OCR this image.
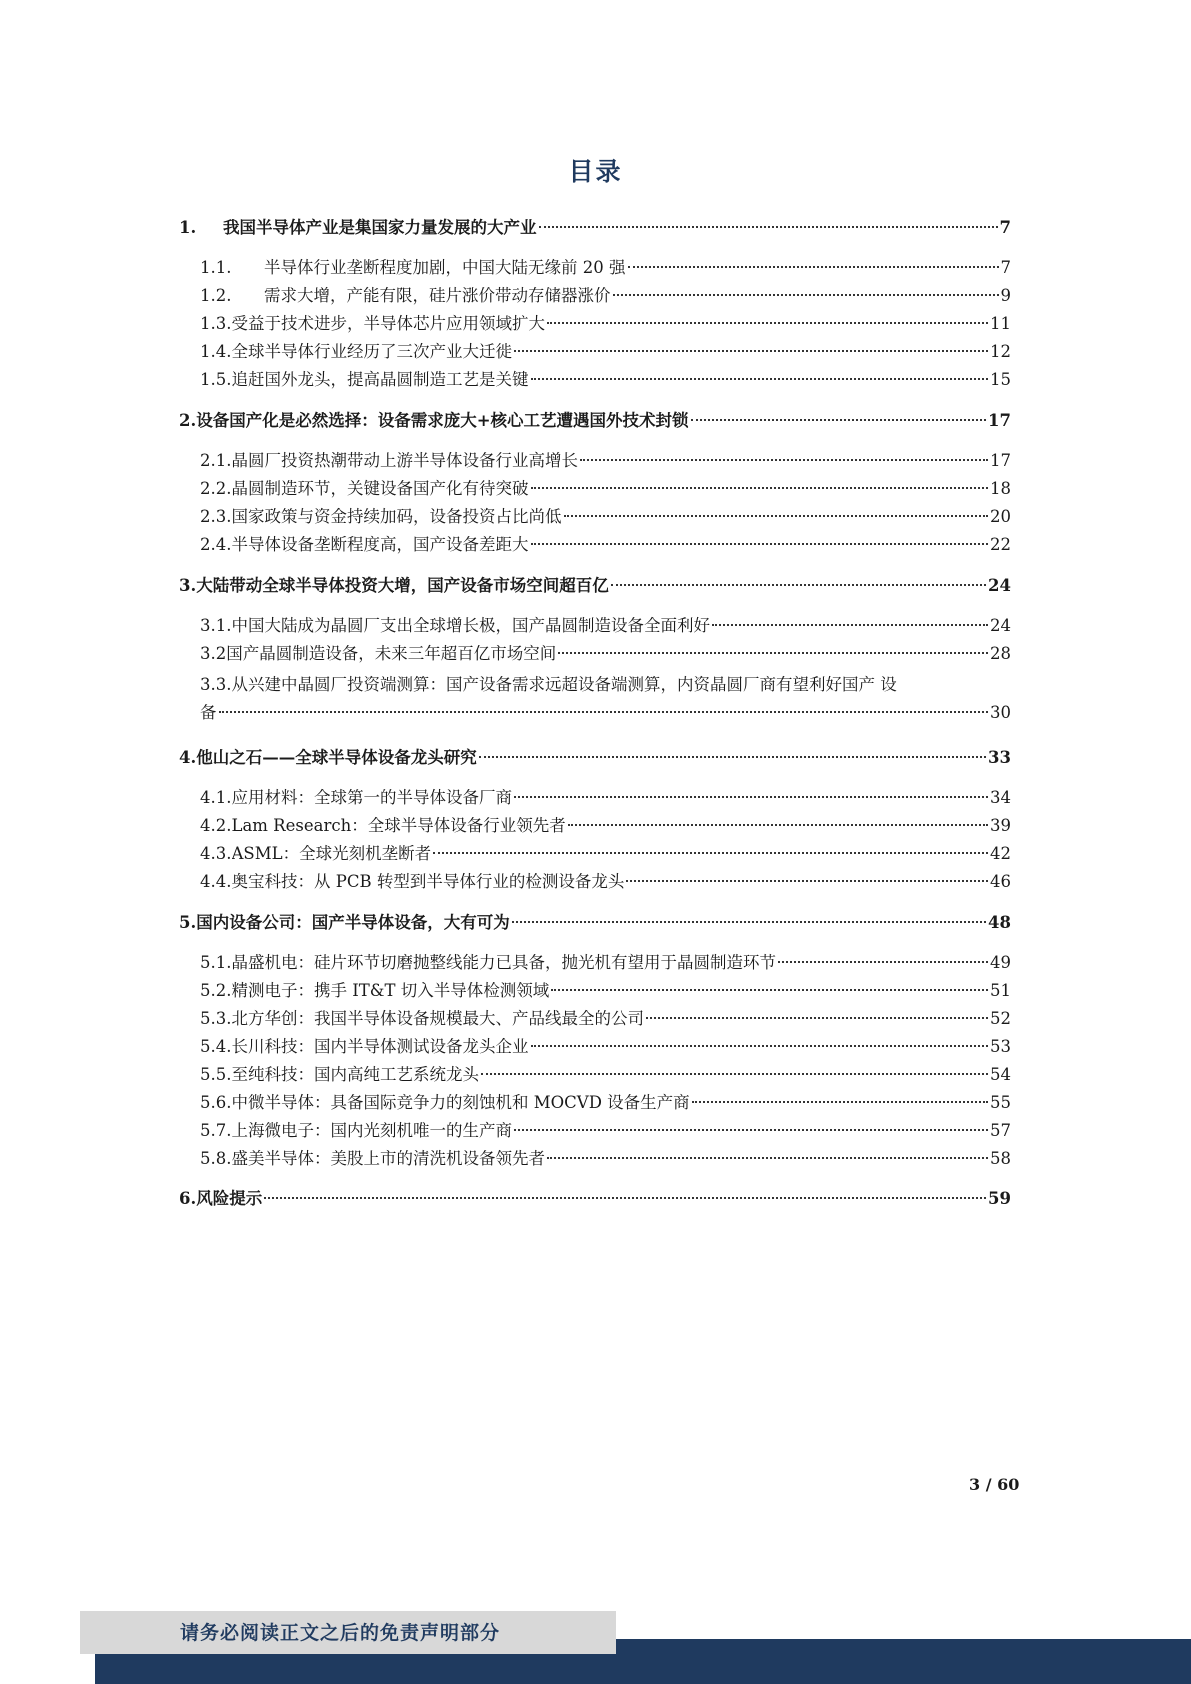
目录
1.	我国半导体产业是集国家力量发展的大产业	7
1.1.	半导体行业垄断程度加剧，中国大陆无缘前 20 强	7
1.2.	需求大增，产能有限，硅片涨价带动存储器涨价	9
1.3. 受益于技术进步，半导体芯片应用领域扩大	11
1.4. 全球半导体行业经历了三次产业大迁徙	12
1.5. 追赶国外龙头，提高晶圆制造工艺是关键	15
2. 设备国产化是必然选择：设备需求庞大+核心工艺遭遇国外技术封锁	17
2.1. 晶圆厂投资热潮带动上游半导体设备行业高增长	17
2.2. 晶圆制造环节，关键设备国产化有待突破	18
2.3. 国家政策与资金持续加码，设备投资占比尚低	20
2.4. 半导体设备垄断程度高，国产设备差距大	22
3. 大陆带动全球半导体投资大增，国产设备市场空间超百亿	24
3.1. 中国大陆成为晶圆厂支出全球增长极，国产晶圆制造设备全面利好	24
3.2 国产晶圆制造设备，未来三年超百亿市场空间	28
3.3.从兴建中晶圆厂投资端测算：国产设备需求远超设备端测算，内资晶圆厂商有望利好国产 设
备	30
4. 他山之石——全球半导体设备龙头研究	33
4.1. 应用材料：全球第一的半导体设备厂商	34
4.2. Lam Research：全球半导体设备行业领先者	39
4.3. ASML：全球光刻机垄断者	42
4.4. 奥宝科技：从 PCB 转型到半导体行业的检测设备龙头	46
5. 国内设备公司：国产半导体设备，大有可为	48
5.1. 晶盛机电：硅片环节切磨抛整线能力已具备，抛光机有望用于晶圆制造环节	49
5.2. 精测电子：携手 IT&T 切入半导体检测领域	51
5.3. 北方华创：我国半导体设备规模最大、产品线最全的公司	52
5.4. 长川科技：国内半导体测试设备龙头企业	53
5.5. 至纯科技：国内高纯工艺系统龙头	54
5.6. 中微半导体：具备国际竞争力的刻蚀机和 MOCVD 设备生产商	55
5.7. 上海微电子：国内光刻机唯一的生产商	57
5.8. 盛美半导体：美股上市的清洗机设备领先者	58
6. 风险提示	59
3 / 60
请务必阅读正文之后的免责声明部分
